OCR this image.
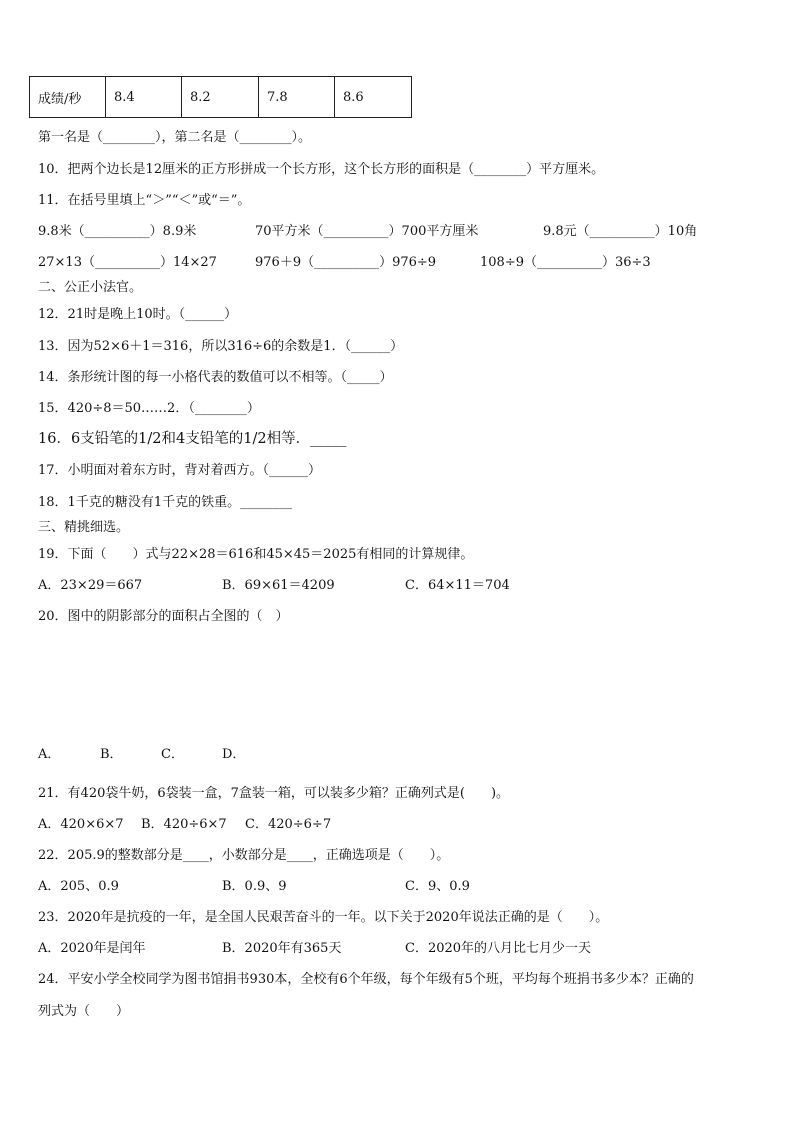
成绩/秒	8.4	8.2	7.8	8.6
第一名是（________），第二名是（________）。
10．把两个边长是12厘米的正方形拼成一个长方形，这个长方形的面积是（________）平方厘米。
11．在括号里填上“＞”“＜”或“＝”。
9.8米（__________）8.9米	70平方米（__________）700平方厘米	9.8元（__________）10角
27×13（__________）14×27	976＋9（__________）976÷9	108÷9（__________）36÷3
二、公正小法官。
12．21时是晚上10时。（______）
13．因为52×6＋1＝316，所以316÷6的余数是1．（______）
14．条形统计图的每一小格代表的数值可以不相等。（_____）
15．420÷8＝50……2．（________）
16．6支铅笔的1/2和4支铅笔的1/2相等．_____
17．小明面对着东方时，背对着西方。（______）
18．1千克的糖没有1千克的铁重。________
三、精挑细选。
19．下面（　　）式与22×28＝616和45×45＝2025有相同的计算规律。
A．23×29＝667	B．69×61＝4209	C．64×11＝704
20．图中的阴影部分的面积占全图的（　）
A．	B．	C．	D．
21．有420袋牛奶，6袋装一盒，7盒装一箱，可以装多少箱？正确列式是(　　)。
A．420×6×7 B．420÷6×7 C．420÷6÷7
22．205.9的整数部分是____，小数部分是____，正确选项是（　　）。
A．205、0.9	B．0.9、9	C．9、0.9
23．2020年是抗疫的一年，是全国人民艰苦奋斗的一年。以下关于2020年说法正确的是（　　）。
A．2020年是闰年	B．2020年有365天	C．2020年的八月比七月少一天
24．平安小学全校同学为图书馆捐书930本，全校有6个年级，每个年级有5个班，平均每个班捐书多少本？正确的
列式为（　　）
